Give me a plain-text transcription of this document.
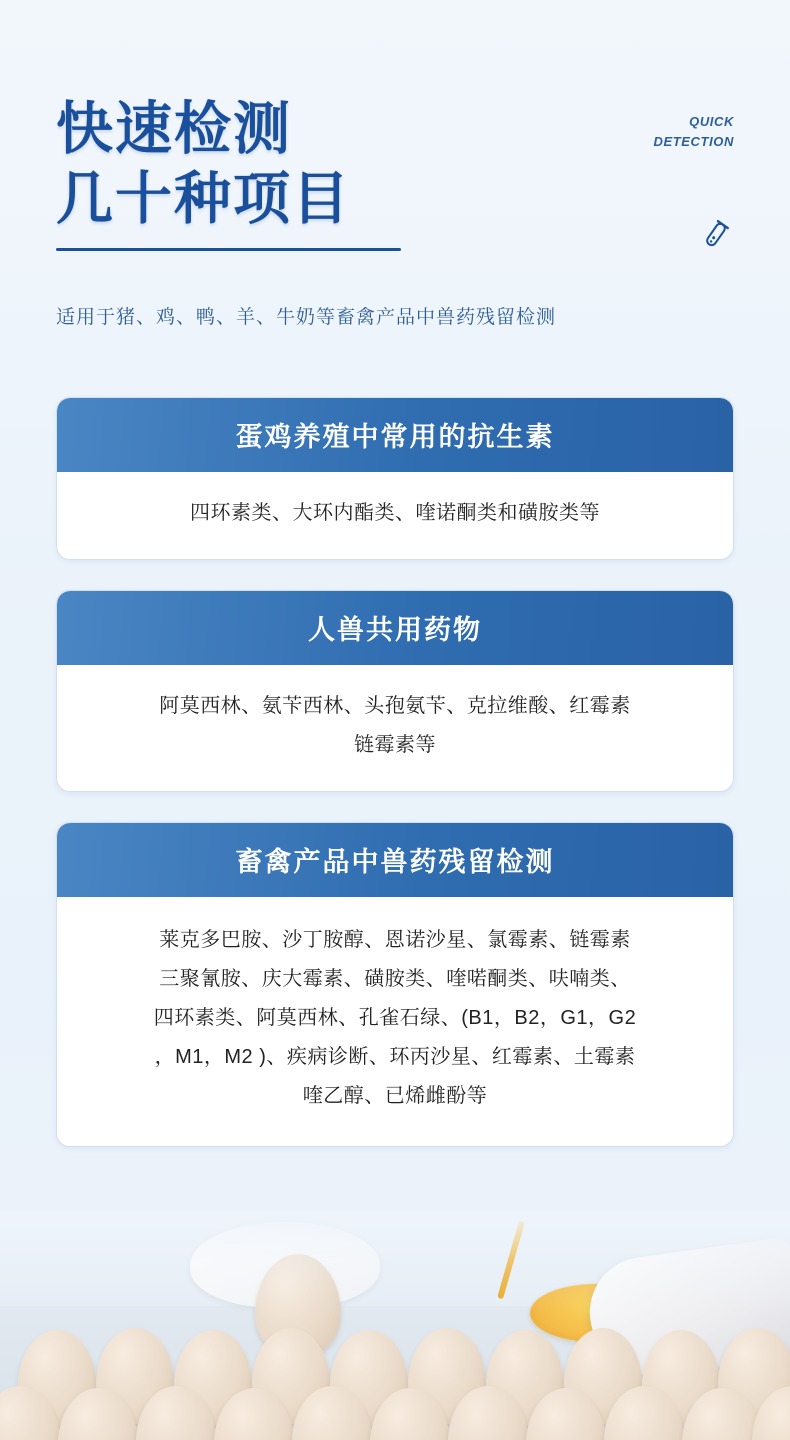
快速检测
几十种项目
QUICK
DETECTION
适用于猪、鸡、鸭、羊、牛奶等畜禽产品中兽药残留检测
蛋鸡养殖中常用的抗生素

四环素类、大环内酯类、喹诺酮类和磺胺类等

人兽共用药物

阿莫西林、氨苄西林、头孢氨苄、克拉维酸、红霉素

链霉素等

畜禽产品中兽药残留检测

莱克多巴胺、沙丁胺醇、恩诺沙星、氯霉素、链霉素

三聚氰胺、庆大霉素、磺胺类、喹喏酮类、呋喃类、

四环素类、阿莫西林、孔雀石绿、(B1，B2，G1，G2

，M1，M2 )、疾病诊断、环丙沙星、红霉素、土霉素

喹乙醇、已烯雌酚等
